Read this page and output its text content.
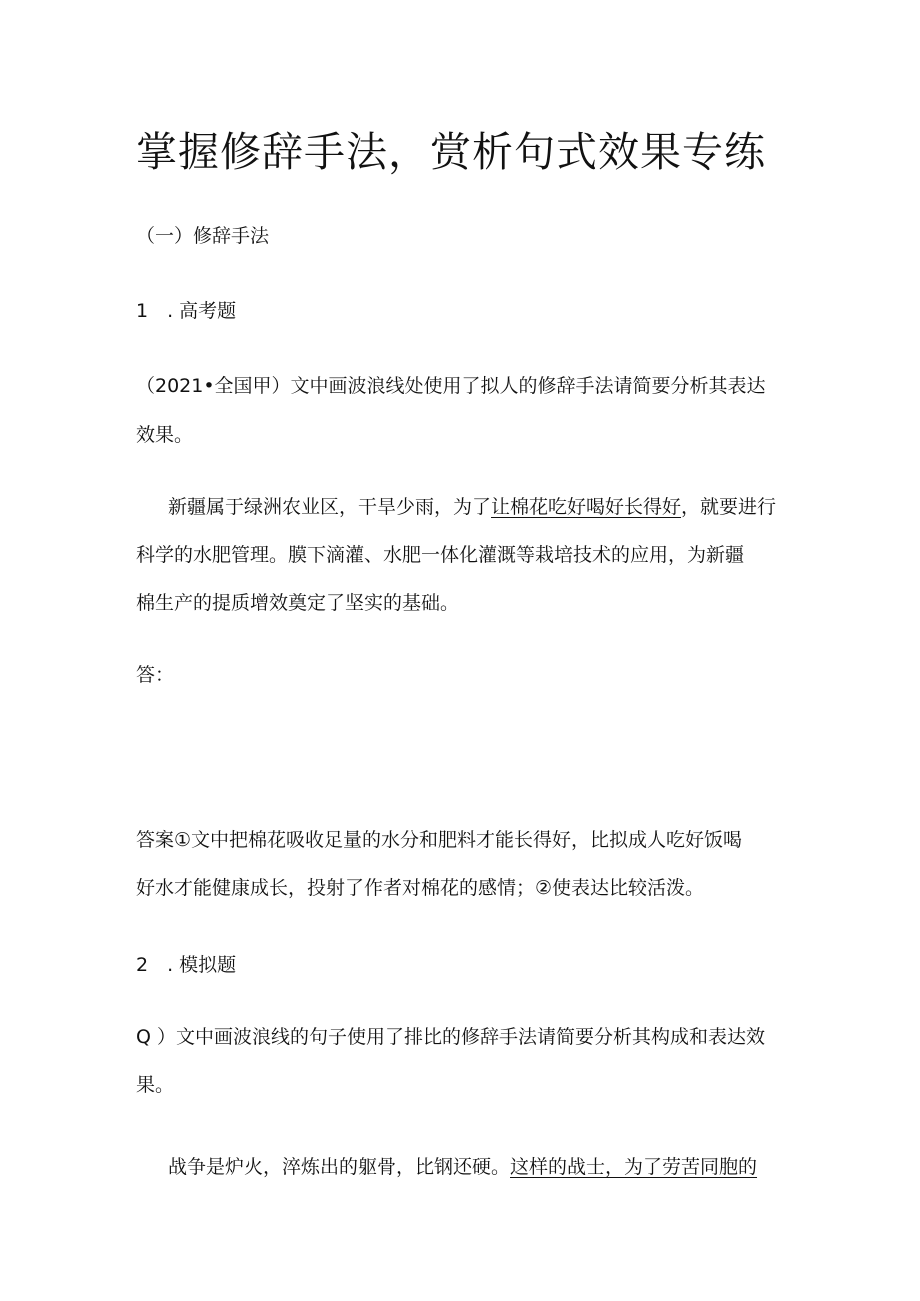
掌握修辞手法，赏析句式效果专练

（一）修辞手法

1　. 高考题

（2021•全国甲）文中画波浪线处使用了拟人的修辞手法请简要分析其表达

效果。

新疆属于绿洲农业区，干旱少雨，为了让棉花吃好喝好长得好，就要进行

科学的水肥管理。膜下滴灌、水肥一体化灌溉等栽培技术的应用，为新疆

棉生产的提质增效奠定了坚实的基础。

答：

答案①文中把棉花吸收足量的水分和肥料才能长得好，比拟成人吃好饭喝

好水才能健康成长，投射了作者对棉花的感情；②使表达比较活泼。

2　. 模拟题

Q ）文中画波浪线的句子使用了排比的修辞手法请简要分析其构成和表达效

果。

战争是炉火，淬炼出的躯骨，比钢还硬。这样的战士，为了劳苦同胞的
